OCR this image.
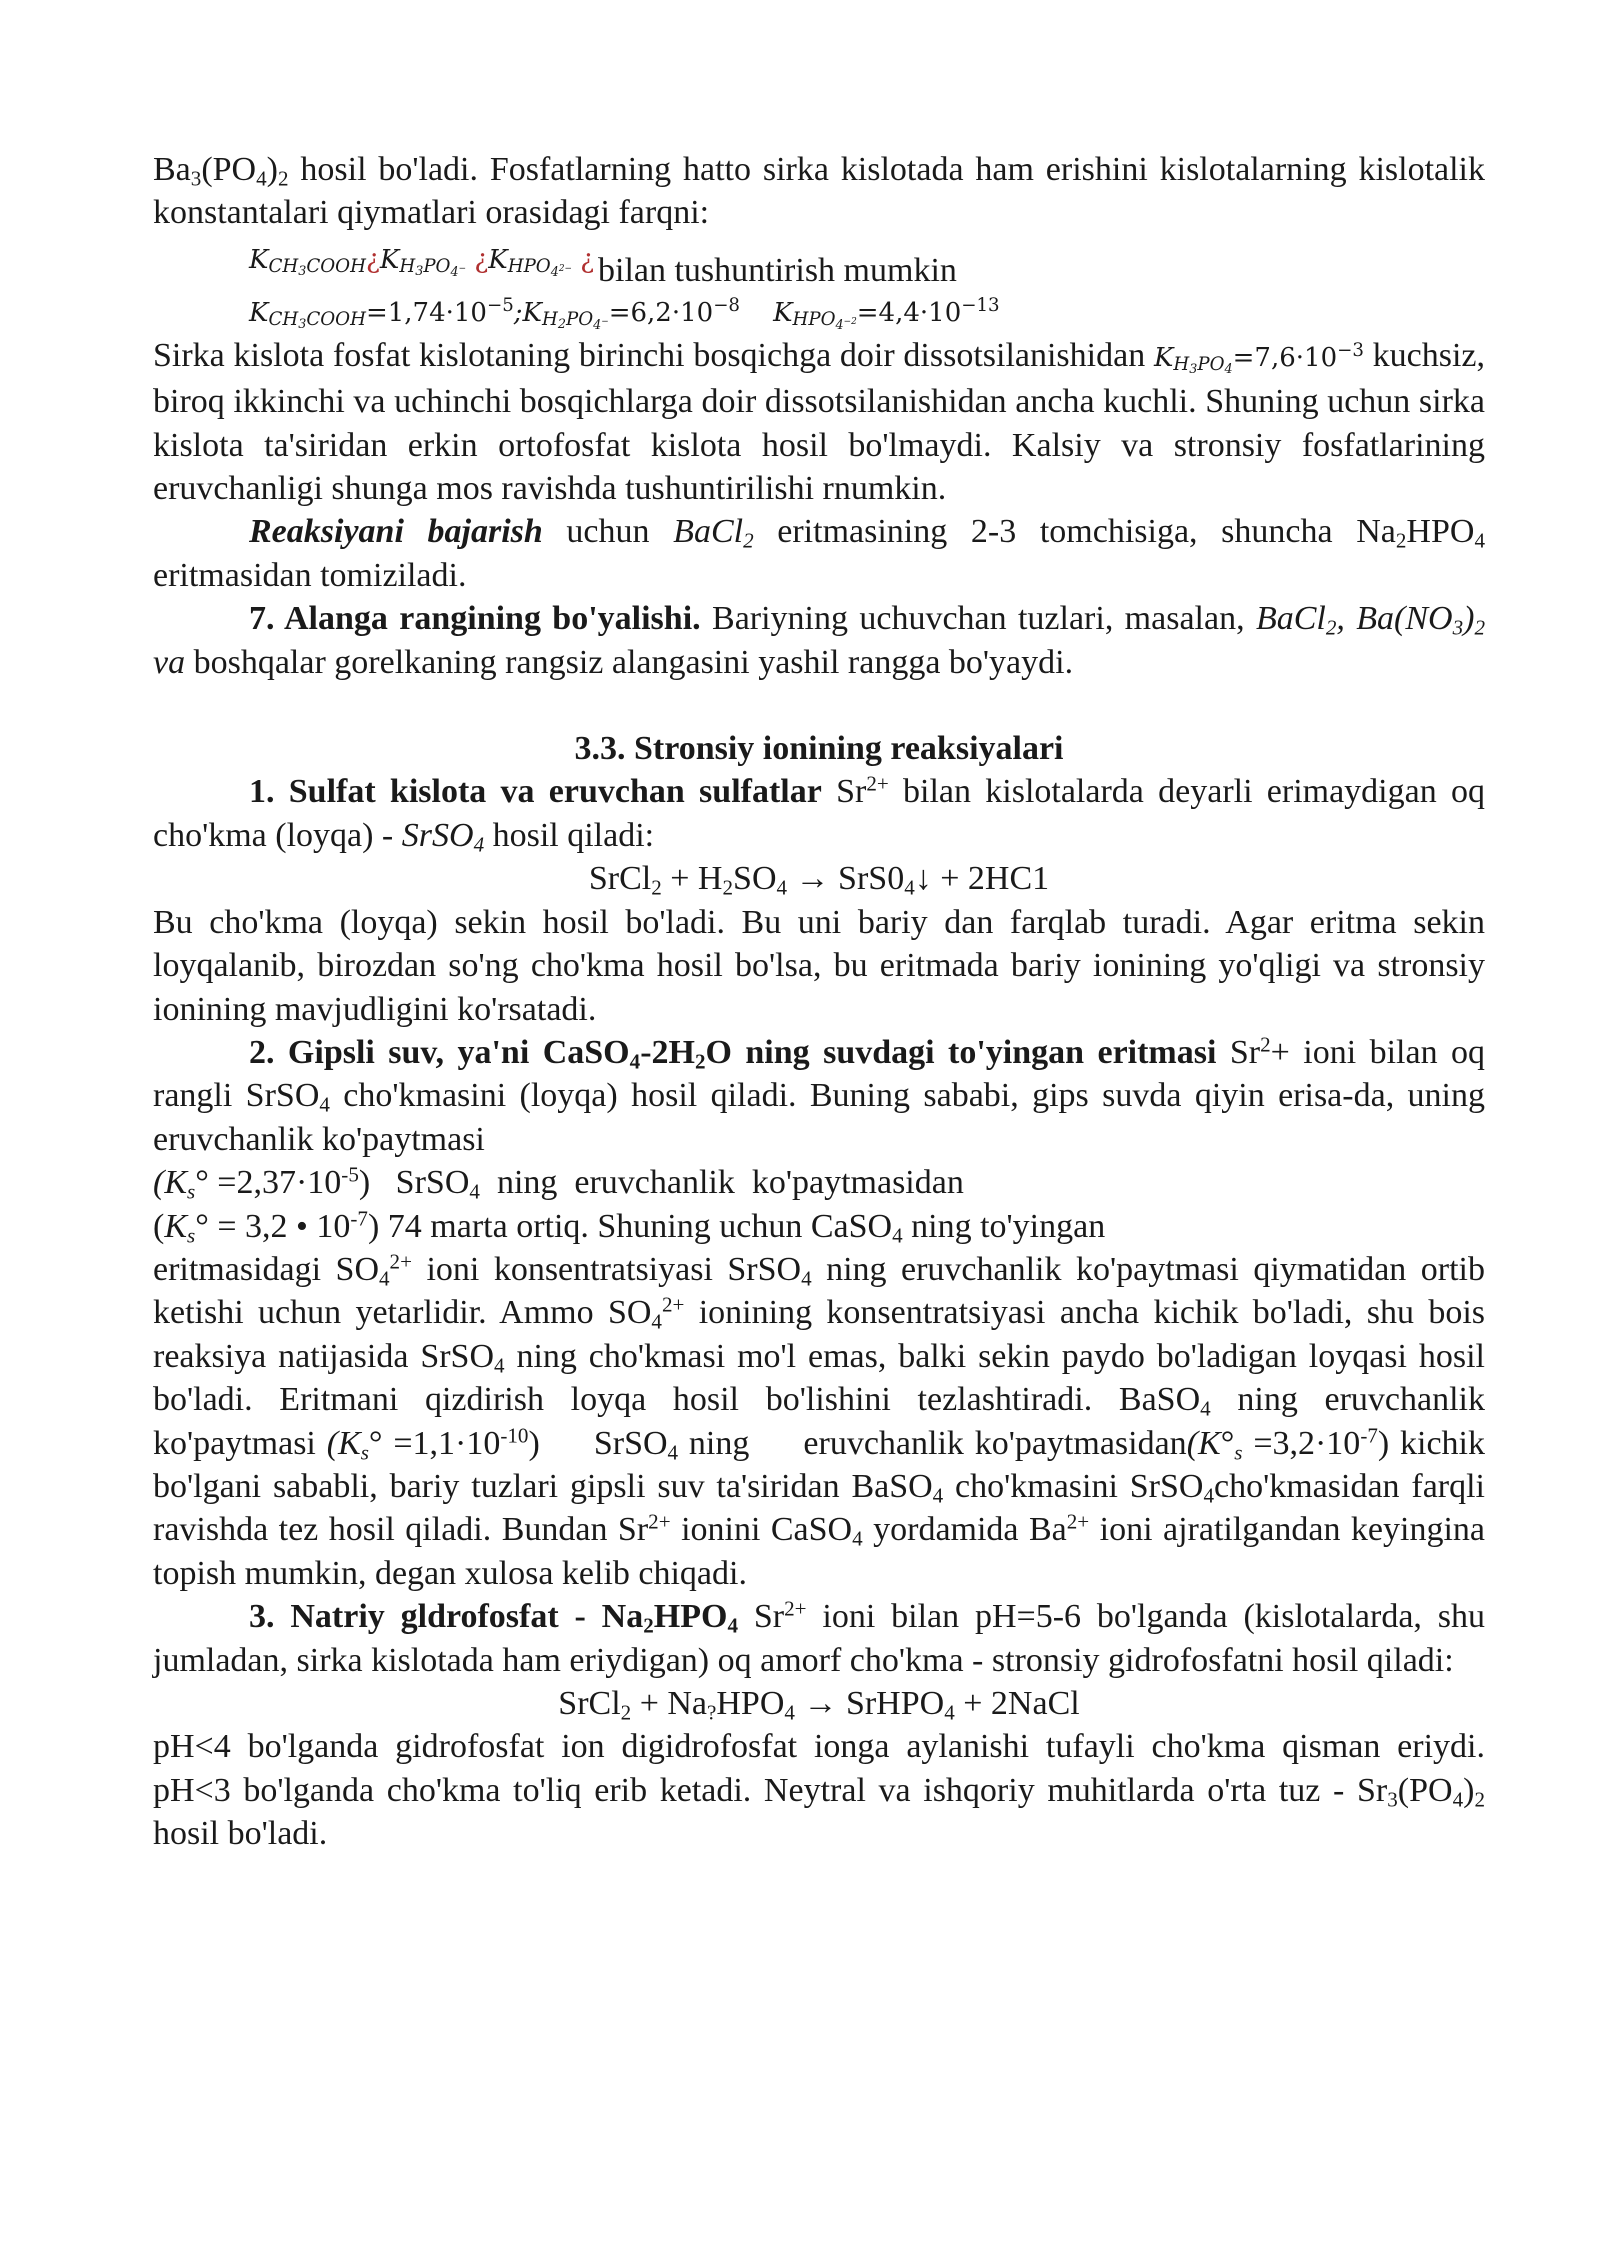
$Ba_3(PO_4)_2$ hosil bo'ladi. Fosfatlarning hatto sirka kislotada ham erishini kislotalarning kislotalik konstantalari qiymatlari orasidagi farqni:

$K_{CH_3COOH}¿K_{H_3PO_{4^-}}$ ¿$K_{HPO_{4^{2-}}}$ ¿ bilan tushuntirish mumkin
$K_{CH_3COOH}=1,74\cdot 10^{-5};K_{H_2PO_{4^-}}=6,2\cdot 10^{-8}$ $K_{HPO_{4^{-2}}}=4,4\cdot 10^{-13}$

Sirka kislota fosfat kislotaning birinchi bosqichga doir dissotsilanishidan $K_{H_3PO_4}=7,6\cdot 10^{-3}$ kuchsiz, biroq ikkinchi va uchinchi bosqichlarga doir dissotsilanishidan ancha kuchli. Shuning uchun sirka kislota ta'siridan erkin ortofosfat kislota hosil bo'lmaydi. Kalsiy va stronsiy fosfatlarining eruvchanligi shunga mos ravishda tushuntirilishi rnumkin.

Reaksiyani bajarish uchun BaCl$_2$ eritmasining 2-3 tomchisiga, shuncha $Na_2HPO_4$ eritmasidan tomiziladi.

7. Alanga rangining bo'yalishi. Bariyning uchuvchan tuzlari, masalan, BaCl$_2$, $Ba(NO_3)_2$ va boshqalar gorelkaning rangsiz alangasini yashil rangga bo'yaydi.

3.3. Stronsiy ionining reaksiyalari

1. Sulfat kislota va eruvchan sulfatlar $Sr^{2+}$ bilan kislotalarda deyarli erimaydigan oq cho'kma (loyqa) - SrSO$_4$ hosil qiladi:

SrCl$_2$ + $H_2SO_4$ → $SrS0_4↓ + 2HC1$

Bu cho'kma (loyqa) sekin hosil bo'ladi. Bu uni bariy dan farqlab turadi. Agar eritma sekin loyqalanib, birozdan so'ng cho'kma hosil bo'lsa, bu eritmada bariy ionining yo'qligi va stronsiy ionining mavjudligini ko'rsatadi.

2. Gipsli suv, ya'ni $CaSO_4-2H_2O$ ning suvdagi to'yingan eritmasi $Sr^2+$ ioni bilan oq rangli SrSO$_4$ cho'kmasini (loyqa) hosil qiladi. Buning sababi, gips suvda qiyin erisa-da, uning eruvchanlik ko'paytmasi

$(K_s^\circ =2,37\cdot 10^{-5})$   SrSO$_4$  ning  eruvchanlik  ko'paytmasidan

($K_s^\circ = 3,2$ • $10^{-7}$) 74 marta ortiq. Shuning uchun CaSO$_4$ ning to'yingan

eritmasidagi $SO_4^{2+}$ ioni konsentratsiyasi SrSO$_4$ ning eruvchanlik ko'paytmasi qiymatidan ortib ketishi uchun yetarlidir. Ammo $SO_4^{2+}$ ionining konsentratsiyasi ancha kichik bo'ladi, shu bois reaksiya natijasida SrSO$_4$ ning cho'kmasi mo'l emas, balki sekin paydo bo'ladigan loyqasi hosil bo'ladi. Eritmani qizdirish loyqa hosil bo'lishini tezlashtiradi. BaSO$_4$ ning eruvchanlik ko'paytmasi $(K_s^\circ =1,1\cdot 10^{-10})$     SrSO$_4$ ning     eruvchanlik $ko'paytmasidan(K^\circ_s =3,2\cdot 10^{-7})$ kichik bo'lgani sababli, bariy tuzlari gipsli suv ta'siridan BaSO$_4$ cho'kmasini SrSO$_4$cho'kmasidan farqli ravishda tez hosil qiladi. Bundan $Sr^{2+}$ ionini CaSO$_4$ yordamida $Ba^{2+}$ ioni ajratilgandan keyingina topish mumkin, degan xulosa kelib chiqadi.

3. Natriy gldrofosfat - $Na_2HPO_4$ $Sr^{2+}$ ioni bilan pH=5-6 bo'lganda (kislotalarda, shu jumladan, sirka kislotada ham eriydigan) oq amorf cho'kma - stronsiy gidrofosfatni hosil qiladi:

SrCl$_2$ + $Na_?HPO_4$ → SrHPO$_4$ + 2NaCl

pH<4 bo'lganda gidrofosfat ion digidrofosfat ionga aylanishi tufayli cho'kma qisman eriydi. pH<3 bo'lganda cho'kma to'liq erib ketadi. Neytral va ishqoriy muhitlarda o'rta tuz - $Sr_3(PO_4)_2$ hosil bo'ladi.
